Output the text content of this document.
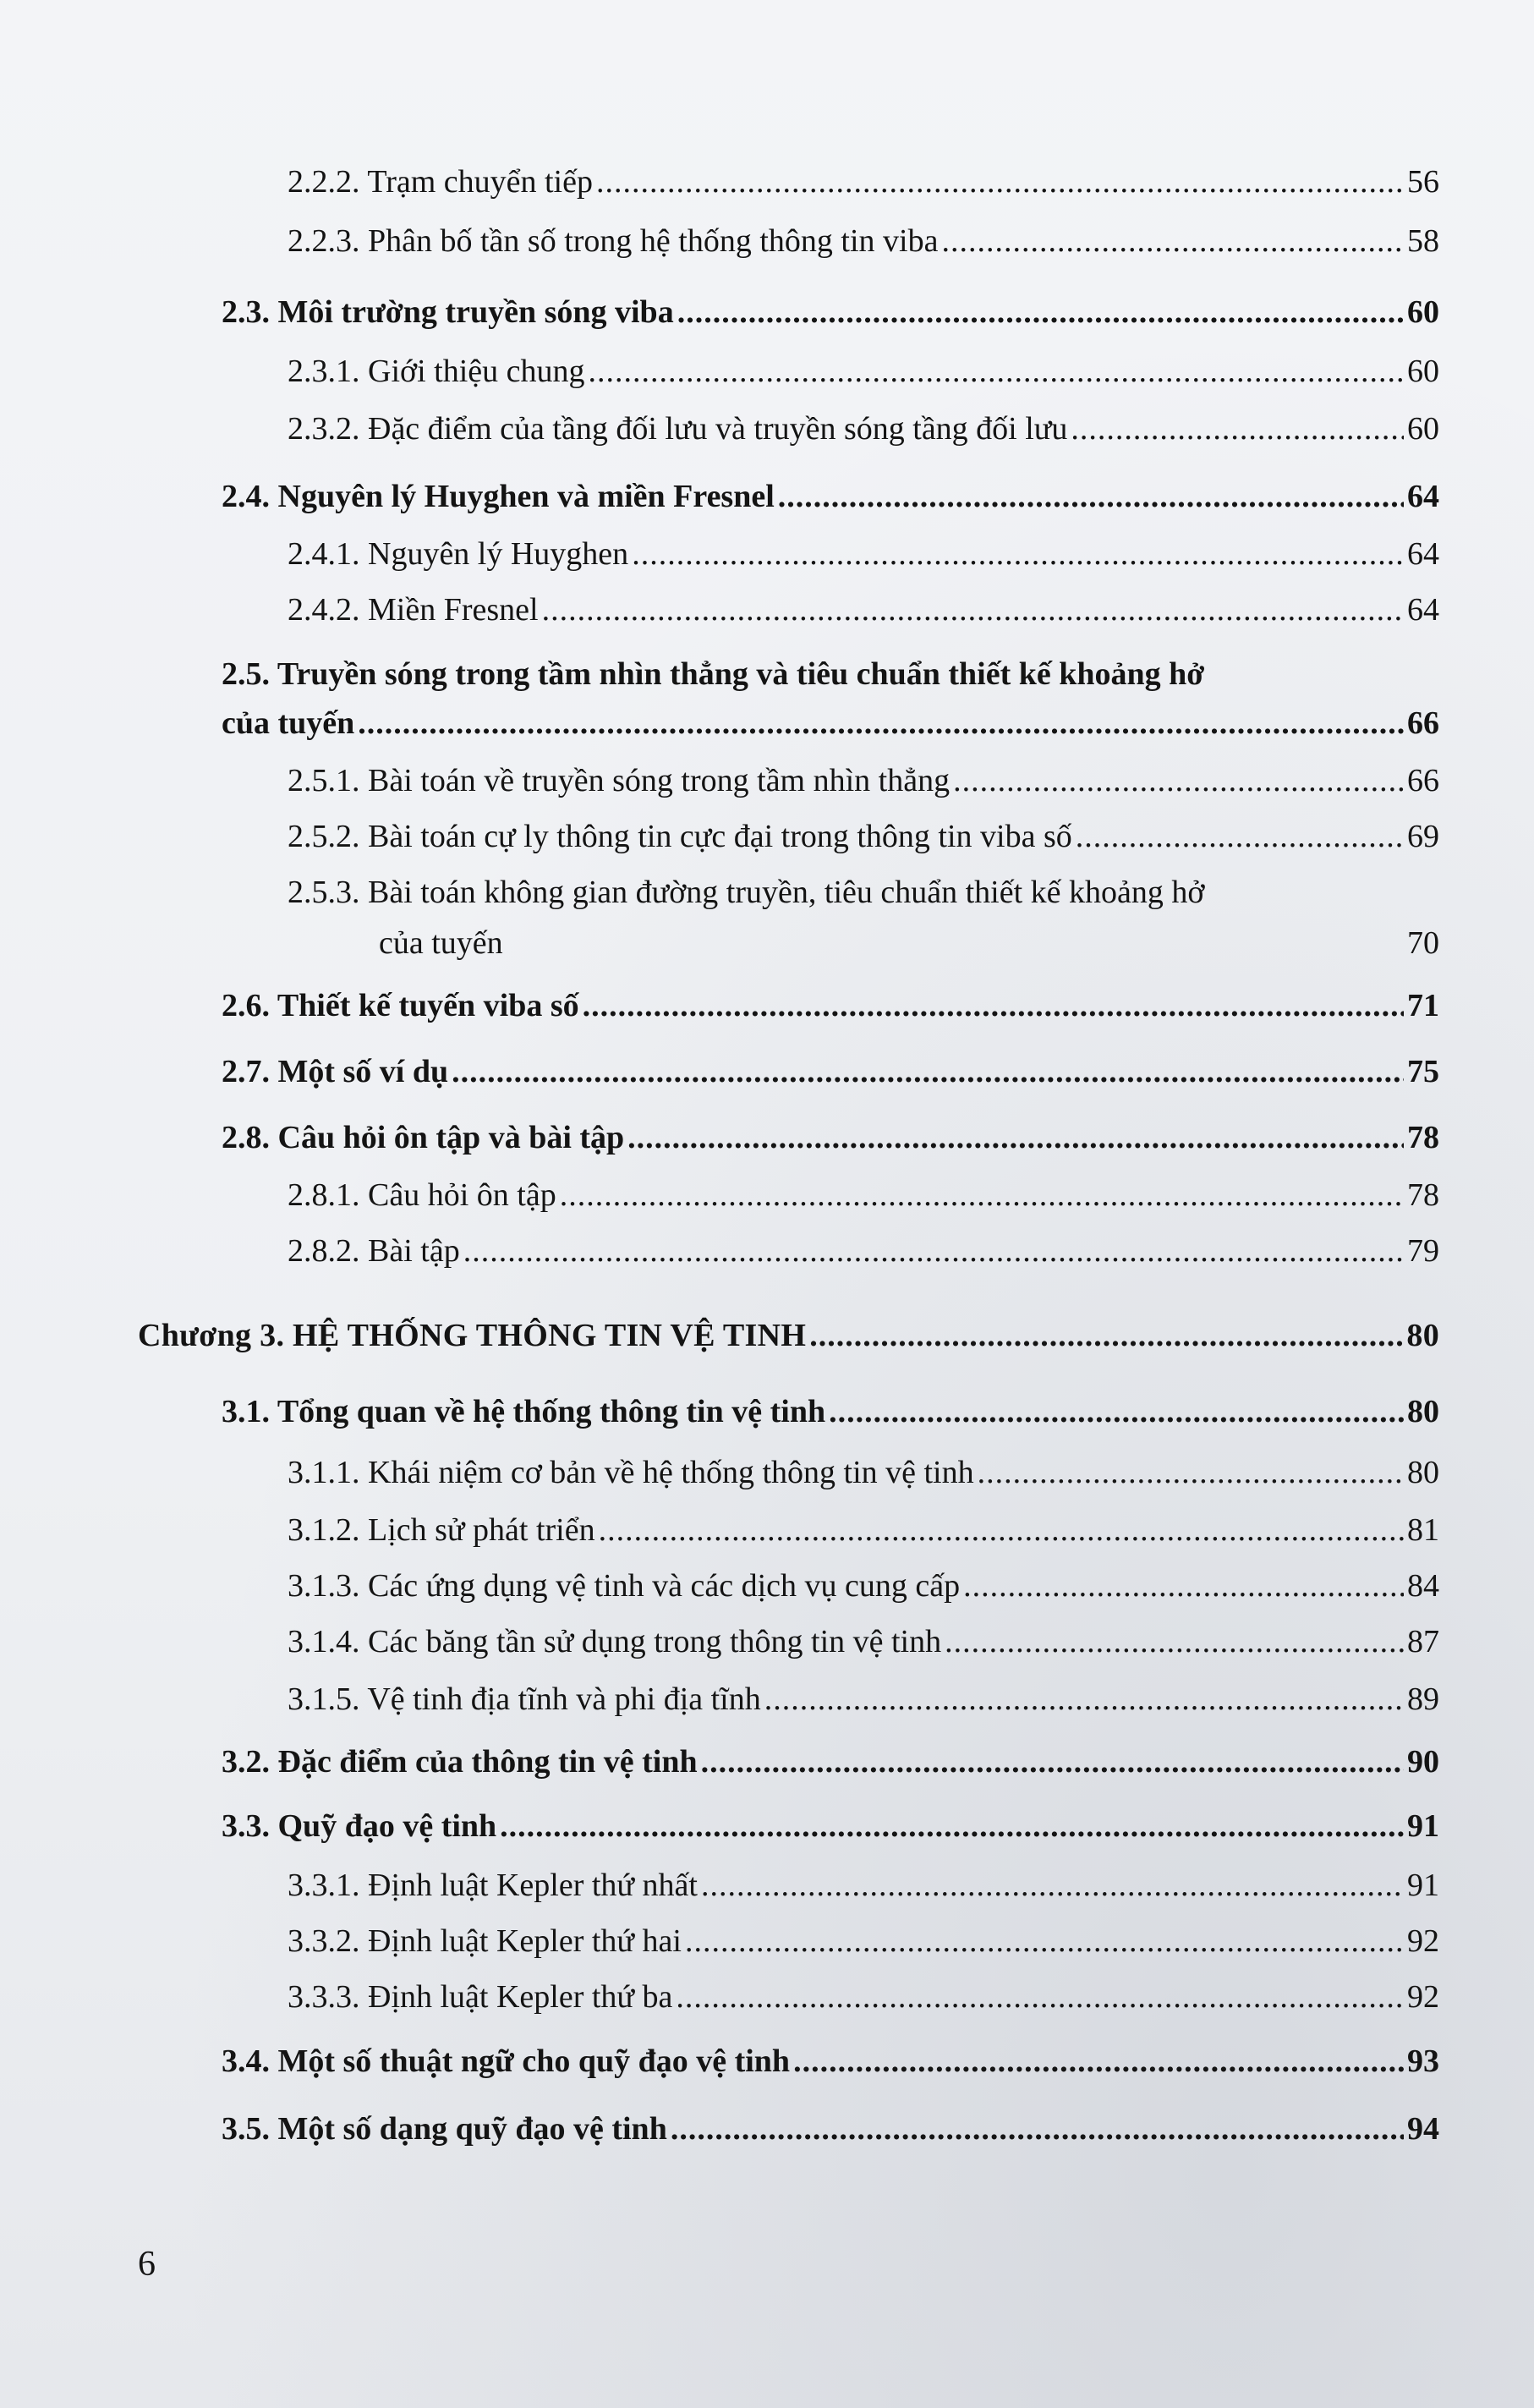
2.2.2. Trạm chuyển tiếp .....	56
2.2.3. Phân bố tần số trong hệ thống thông tin viba .....	58
2.3. Môi trường truyền sóng viba .....	60
2.3.1. Giới thiệu chung .....	60
2.3.2. Đặc điểm của tầng đối lưu và truyền sóng tầng đối lưu .....	60
2.4. Nguyên lý Huyghen và miền Fresnel .....	64
2.4.1. Nguyên lý Huyghen .....	64
2.4.2. Miền Fresnel .....	64
2.5. Truyền sóng trong tầm nhìn thẳng và tiêu chuẩn thiết kế khoảng hở
của tuyến .....	66
2.5.1. Bài toán về truyền sóng trong tầm nhìn thẳng .....	66
2.5.2. Bài toán cự ly thông tin cực đại trong thông tin viba số .....	69
2.5.3. Bài toán không gian đường truyền, tiêu chuẩn thiết kế khoảng hở
của tuyến	70
2.6. Thiết kế tuyến viba số .....	71
2.7. Một số ví dụ .....	75
2.8. Câu hỏi ôn tập và bài tập .....	78
2.8.1. Câu hỏi ôn tập .....	78
2.8.2. Bài tập .....	79
Chương 3. HỆ THỐNG THÔNG TIN VỆ TINH .....	80
3.1. Tổng quan về hệ thống thông tin vệ tinh .....	80
3.1.1. Khái niệm cơ bản về hệ thống thông tin vệ tinh .....	80
3.1.2. Lịch sử phát triển .....	81
3.1.3. Các ứng dụng vệ tinh và các dịch vụ cung cấp .....	84
3.1.4. Các băng tần sử dụng trong thông tin vệ tinh .....	87
3.1.5. Vệ tinh địa tĩnh và phi địa tĩnh .....	89
3.2. Đặc điểm của thông tin vệ tinh .....	90
3.3. Quỹ đạo vệ tinh .....	91
3.3.1. Định luật Kepler thứ nhất .....	91
3.3.2. Định luật Kepler thứ hai .....	92
3.3.3. Định luật Kepler thứ ba .....	92
3.4. Một số thuật ngữ cho quỹ đạo vệ tinh .....	93
3.5. Một số dạng quỹ đạo vệ tinh .....	94
6
